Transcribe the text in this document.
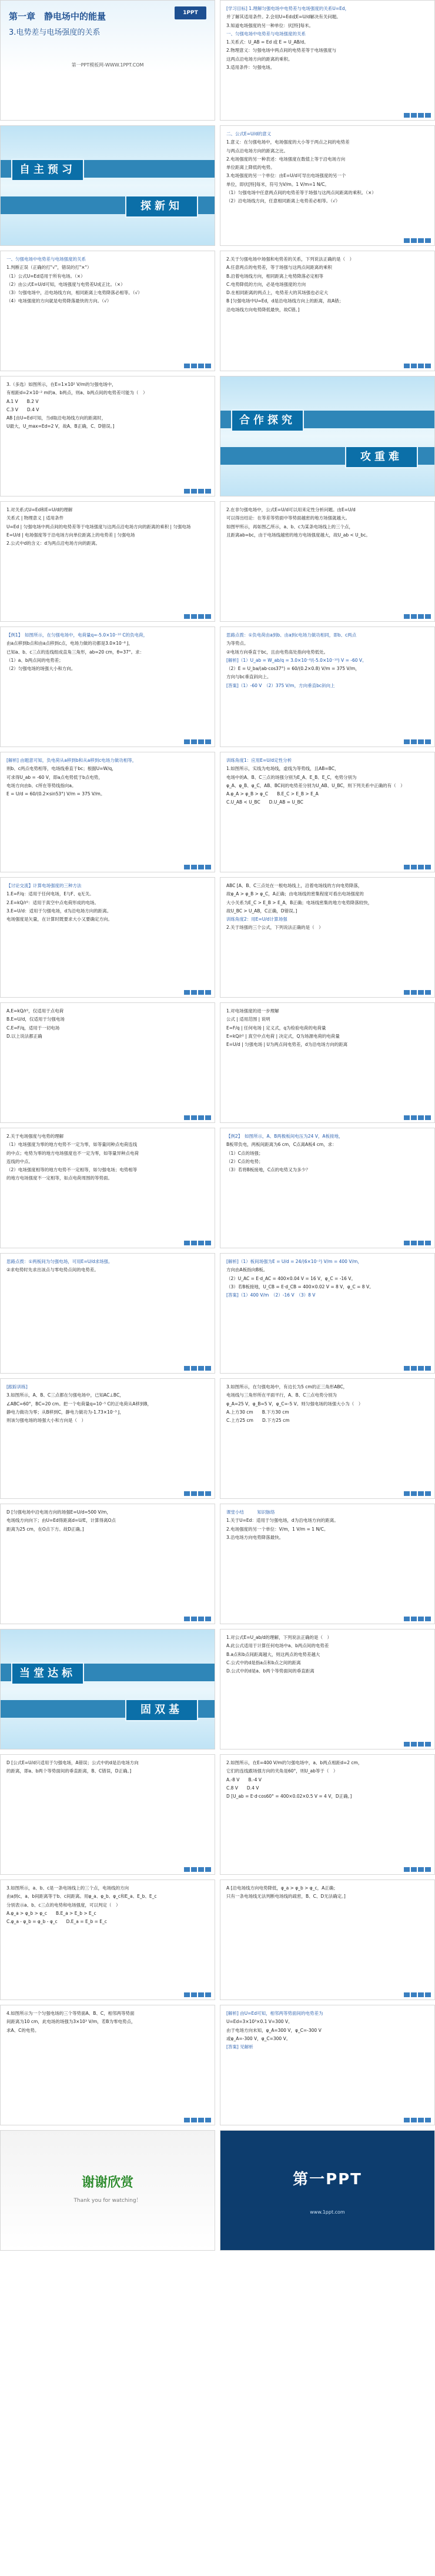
1PPT
第一章　静电场中的能量
3.电势差与电场强度的关系
第一PPT模板网-WWW.1PPT.COM
[学习目标] 1.理解匀强电场中电势差与电场强度的关系U=Ed，
并了解其适用条件。2.会用U=Ed或E=U/d解决有关问题。
3.知道电场强度的另一种单位：伏[特]每米。
一、匀强电场中电势差与电场强度的关系
1.关系式：U_AB = Ed 或 E = U_AB/d。
2.物理意义：匀强电场中两点间的电势差等于电场强度与
这两点沿电场方向的距离的乘积。
3.适用条件：匀强电场。
自主预习
探新知
二、公式E=U/d的意义
1.意义：在匀强电场中，电场强度的大小等于两点之间的电势差
与两点沿电场方向的距离之比。
2.电场强度的另一种表述：电场强度在数值上等于沿电场方向
单位距离上降低的电势。
3.电场强度的另一个单位：由E=U/d可导出电场强度的另一个
单位，即伏[特]每米，符号为V/m。1 V/m=1 N/C。
（1）匀强电场中任意两点间的电势差等于场强与这两点间距离的乘积。（×）
（2）沿电场线方向，任意相同距离上电势差必相等。（√）
一、匀强电场中电势差与电场强度的关系
1.判断正误（正确的打"√"，错误的打"×"）
（1）公式U=Ed适用于所有电场。（×）
（2）由公式E=U/d可知，电场强度与电势差U成正比。（×）
（3）匀强电场中，沿电场线方向，相同距离上电势降落必相等。（√）
（4）电场强度的方向就是电势降落最快的方向。（√）
2.关于匀强电场中场强和电势差的关系，下列说法正确的是（　）
A.任意两点的电势差，等于场强与这两点间距离的乘积
B.沿着电场线方向，相同距离上电势降落必定相等
C.电势降低的方向，必是电场强度的方向
D.在相同距离的两点上，电势差大的其场强也必定大
B [匀强电场中U=Ed，d是沿电场线方向上的距离，故A错；
沿电场线方向电势降低最快，故C错。]
3.（多选）如图所示，在E=1×10² V/m的匀强电场中，
有相距d=2×10⁻² m的a、b两点，则a、b两点间的电势差可能为（　）
A.1 V　　B.2 V
C.3 V　　D.4 V
AB [由U=Ed可知，当d取沿电场线方向的距离时，
U最大，U_max=Ed=2 V，故A、B正确，C、D错误。]	合作探究
攻重难
1.对关系式U=Ed和E=U/d的理解
关系式 | 物理意义 | 适用条件
U=Ed | 匀强电场中两点间的电势差等于电场强度与这两点沿电场方向的距离的乘积 | 匀强电场
E=U/d | 电场强度等于沿电场方向单位距离上的电势差 | 匀强电场
2.公式中d的含义：d为两点沿电场方向的距离。
2.在非匀强电场中，公式E=U/d可以用来定性分析问题。由E=U/d
可以得出结论：在等差等势面中等势面越密的地方场强就越大。
如图甲所示，再如图乙所示，a、b、c为某条电场线上的三个点，
且距离ab=bc，由于电场线越密的地方电场强度越大，故U_ab < U_bc。
【例1】　如图所示，在匀强电场中，电荷量q=-5.0×10⁻¹⁰ C的负电荷，
由a点移到b点和由a点移到c点，电场力做的功都是3.0×10⁻⁸ J，
已知a、b、c三点的连线组成直角三角形，ab=20 cm，θ=37°。求：
（1）a、b两点间的电势差；
（2）匀强电场的场强大小和方向。
思路点拨：①负电荷由a到b、由a到c电场力做功相同，即b、c两点
为等势点。
②电场方向垂直于bc，且由电势高处指向电势低处。
[解析]（1）U_ab = W_ab/q = 3.0×10⁻⁸/(-5.0×10⁻¹⁰) V = -60 V。
（2）E = U_ba/(ab·cos37°) = 60/(0.2×0.8) V/m = 375 V/m，
方向与bc垂直斜向上。
[答案]（1）-60 V　（2）375 V/m，方向垂直bc斜向上
[解析] 由题意可知，负电荷从a移到b和从a移到c电场力做功相等，
则b、c两点电势相等，电场线垂直于bc；根据U=W/q，
可求得U_ab = -60 V，即a点电势低于b点电势，
电场方向由b、c所在等势线指向a。
E = U/d = 60/(0.2×sin53°) V/m = 375 V/m。
训练角度1：应用E=U/d定性分析
1.如图所示，实线为电场线，虚线为等势线，且AB=BC，
电场中的A、B、C三点的场强分别为E_A、E_B、E_C，电势分别为
φ_A、φ_B、φ_C，AB、BC间的电势差分别为U_AB、U_BC，则下列关系中正确的有（　）
A.φ_A > φ_B > φ_C　　B.E_C > E_B > E_A
C.U_AB < U_BC　　D.U_AB = U_BC
【讨论交流】计算电场强度的三种方法
1.E=F/q：适用于任何电场，E与F、q无关。
2.E=kQ/r²：适用于真空中点电荷形成的电场。
3.E=U/d：适用于匀强电场，d为沿电场方向的距离。
电场强度是矢量，在计算时既要求大小又要确定方向。
ABC [A、B、C三点处在一根电场线上，沿着电场线的方向电势降落，
故φ_A > φ_B > φ_C，A正确；由电场线的密集程度可看出电场强度的
大小关系为E_C > E_B > E_A，B正确；电场线密集的地方电势降落较快，
故U_BC > U_AB，C正确，D错误。]
训练角度2：用E=U/d计算场强
2.关于场强的三个公式，下列说法正确的是（　）
A.E=kQ/r²，仅适用于点电荷
B.E=U/d，仅适用于匀强电场
C.E=F/q，适用于一切电场
D.以上说法都正确
1.对电场强度的进一步理解
公式 | 适用范围 | 说明
E=F/q | 任何电场 | 定义式，q为检验电荷的电荷量
E=kQ/r² | 真空中点电荷 | 决定式，Q为场源电荷的电荷量
E=U/d | 匀强电场 | U为两点间电势差，d为沿电场方向的距离
2.关于电场强度与电势的理解
（1）电场强度为零的地方电势不一定为零，如等量同种点电荷连线
的中点；电势为零的地方电场强度也不一定为零，如等量异种点电荷
连线的中点。
（2）电场强度相等的地方电势不一定相等，如匀强电场；电势相等
的地方电场强度不一定相等，如点电荷周围的等势面。
【例2】　如图所示，A、B两极板间电压为24 V，A板接地，
B板带负电，两板间距离为6 cm，C点离A板4 cm，求：
（1）C点的场强；
（2）C点的电势；
（3）若将B板接地，C点的电势又为多少？
思路点拨：①两板间为匀强电场，可用E=U/d求场强。
②求电势时先求出该点与零电势点间的电势差。
[解析]（1）板间场强为E = U/d = 24/(6×10⁻²) V/m = 400 V/m，
方向由A板指向B板。
（2）U_AC = E·d_AC = 400×0.04 V = 16 V，φ_C = -16 V。
（3）若B板接地，U_CB = E·d_CB = 400×0.02 V = 8 V，φ_C = 8 V。
[答案]（1）400 V/m　（2）-16 V　（3）8 V
[跟踪训练]
3.如图所示，A、B、C三点都在匀强电场中，已知AC⊥BC，
∠ABC=60°，BC=20 cm。把一个电荷量q=10⁻⁵ C的正电荷从A移到B，
静电力做功为零；从B移到C，静电力做功为-1.73×10⁻³ J，
则该匀强电场的场强大小和方向是（　）
3.如图所示，在匀强电场中，有边长为5 cm的正三角形ABC，
电场线与三角形所在平面平行，A、B、C三点电势分别为
φ_A=25 V，φ_B=5 V，φ_C=-5 V。则匀强电场的场强大小为（　）
A.上方30 cm　　B.下方30 cm
C.上方25 cm　　D.下方25 cm
D [匀强电场中沿电场方向的场强E=U/d=500 V/m，
电场线方向向下；由U=Ed得距离d=U/E，计算得离O点
距离为25 cm，在O点下方。故D正确。]
课堂小结　　　知识脉络
1.关于U=Ed：适用于匀强电场，d为沿电场方向的距离。
2.电场强度的另一个单位：V/m，1 V/m = 1 N/C。
3.沿电场方向电势降落最快。
当堂达标
固双基
1.对公式E=U_ab/d的理解，下列说法正确的是（　）
A.此公式适用于计算任何电场中a、b两点间的电势差
B.a点和b点间距离越大，则这两点的电势差越大
C.公式中的d是指a点和b点之间的距离
D.公式中的d是a、b两个等势面间的垂直距离
D [公式E=U/d只适用于匀强电场，A错误；公式中的d是沿电场方向
的距离，即a、b两个等势面间的垂直距离，B、C错误，D正确。]
2.如图所示，在E=400 V/m的匀强电场中，a、b两点相距d=2 cm，
它们的连线跟场强方向的夹角是60°，则U_ab等于（　）
A.-8 V　　B.-4 V
C.8 V　　D.4 V
D [U_ab = E·d·cos60° = 400×0.02×0.5 V = 4 V，D正确。]
3.如图所示，a、b、c是一条电场线上的三个点，电场线的方向
由a到c，a、b间距离等于b、c间距离。用φ_a、φ_b、φ_c和E_a、E_b、E_c
分别表示a、b、c三点的电势和电场强度，可以判定（　）
A.φ_a > φ_b > φ_c　　B.E_a > E_b > E_c
C.φ_a - φ_b = φ_b - φ_c　　D.E_a = E_b = E_c
A [沿电场线方向电势降低，φ_a > φ_b > φ_c，A正确；
只有一条电场线无法判断电场线的疏密，B、C、D无法确定。]
4.如图所示为一个匀强电场的三个等势面A、B、C，相邻两等势面
间距离为10 cm，此电场的场强为3×10³ V/m，若B为零电势点，
求A、C的电势。
[解析] 由U=Ed可知，相邻两等势面间的电势差为
U=Ed=3×10³×0.1 V=300 V。
由于电场方向未知，φ_A=300 V，φ_C=-300 V
或φ_A=-300 V，φ_C=300 V。
[答案] 见解析
谢谢欣赏
Thank you for watching！
第一PPT
www.1ppt.com
